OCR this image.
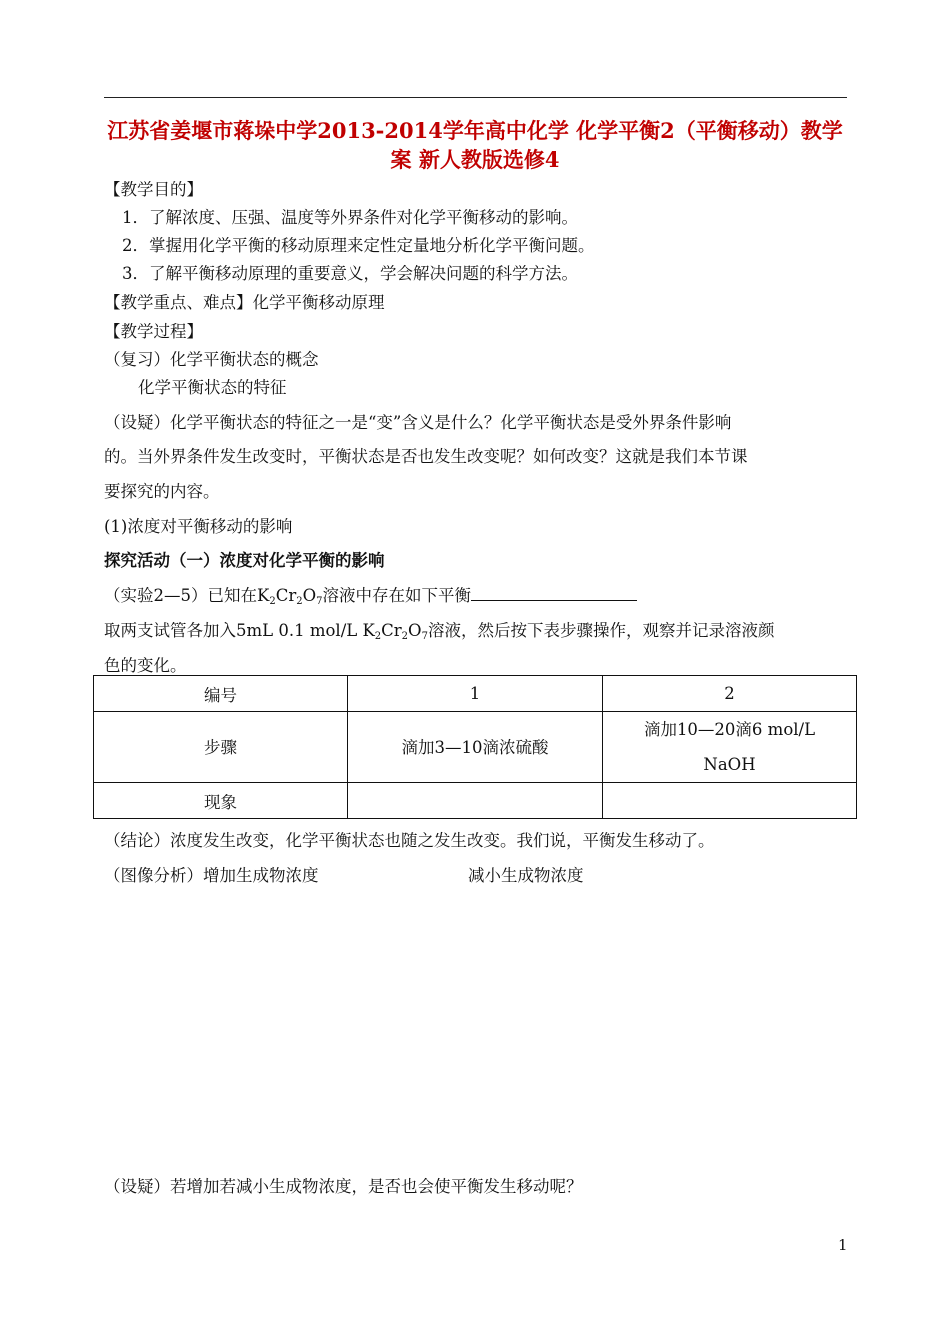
江苏省姜堰市蒋垛中学2013-2014学年高中化学 化学平衡2（平衡移动）教学案 新人教版选修4
【教学目的】
1．了解浓度、压强、温度等外界条件对化学平衡移动的影响。
2．掌握用化学平衡的移动原理来定性定量地分析化学平衡问题。
3．了解平衡移动原理的重要意义，学会解决问题的科学方法。
【教学重点、难点】化学平衡移动原理
【教学过程】
（复习）化学平衡状态的概念
化学平衡状态的特征
（设疑）化学平衡状态的特征之一是“变”含义是什么？化学平衡状态是受外界条件影响
的。当外界条件发生改变时，平衡状态是否也发生改变呢？如何改变？这就是我们本节课
要探究的内容。
(1)浓度对平衡移动的影响
探究活动（一）浓度对化学平衡的影响
（实验2—5）已知在$K_2Cr_2O_7$溶液中存在如下平衡
取两支试管各加入5mL 0.1 mol/L $K_2Cr_2O_7$溶液，然后按下表步骤操作，观察并记录溶液颜
色的变化。
编号	1	2
步骤	滴加3—10滴浓硫酸	滴加10—20滴6 mol/L
NaOH

现象		
（结论）浓度发生改变，化学平衡状态也随之发生改变。我们说，平衡发生移动了。
（图像分析）增加生成物浓度	减小生成物浓度
（设疑）若增加若减小生成物浓度，是否也会使平衡发生移动呢？
1
